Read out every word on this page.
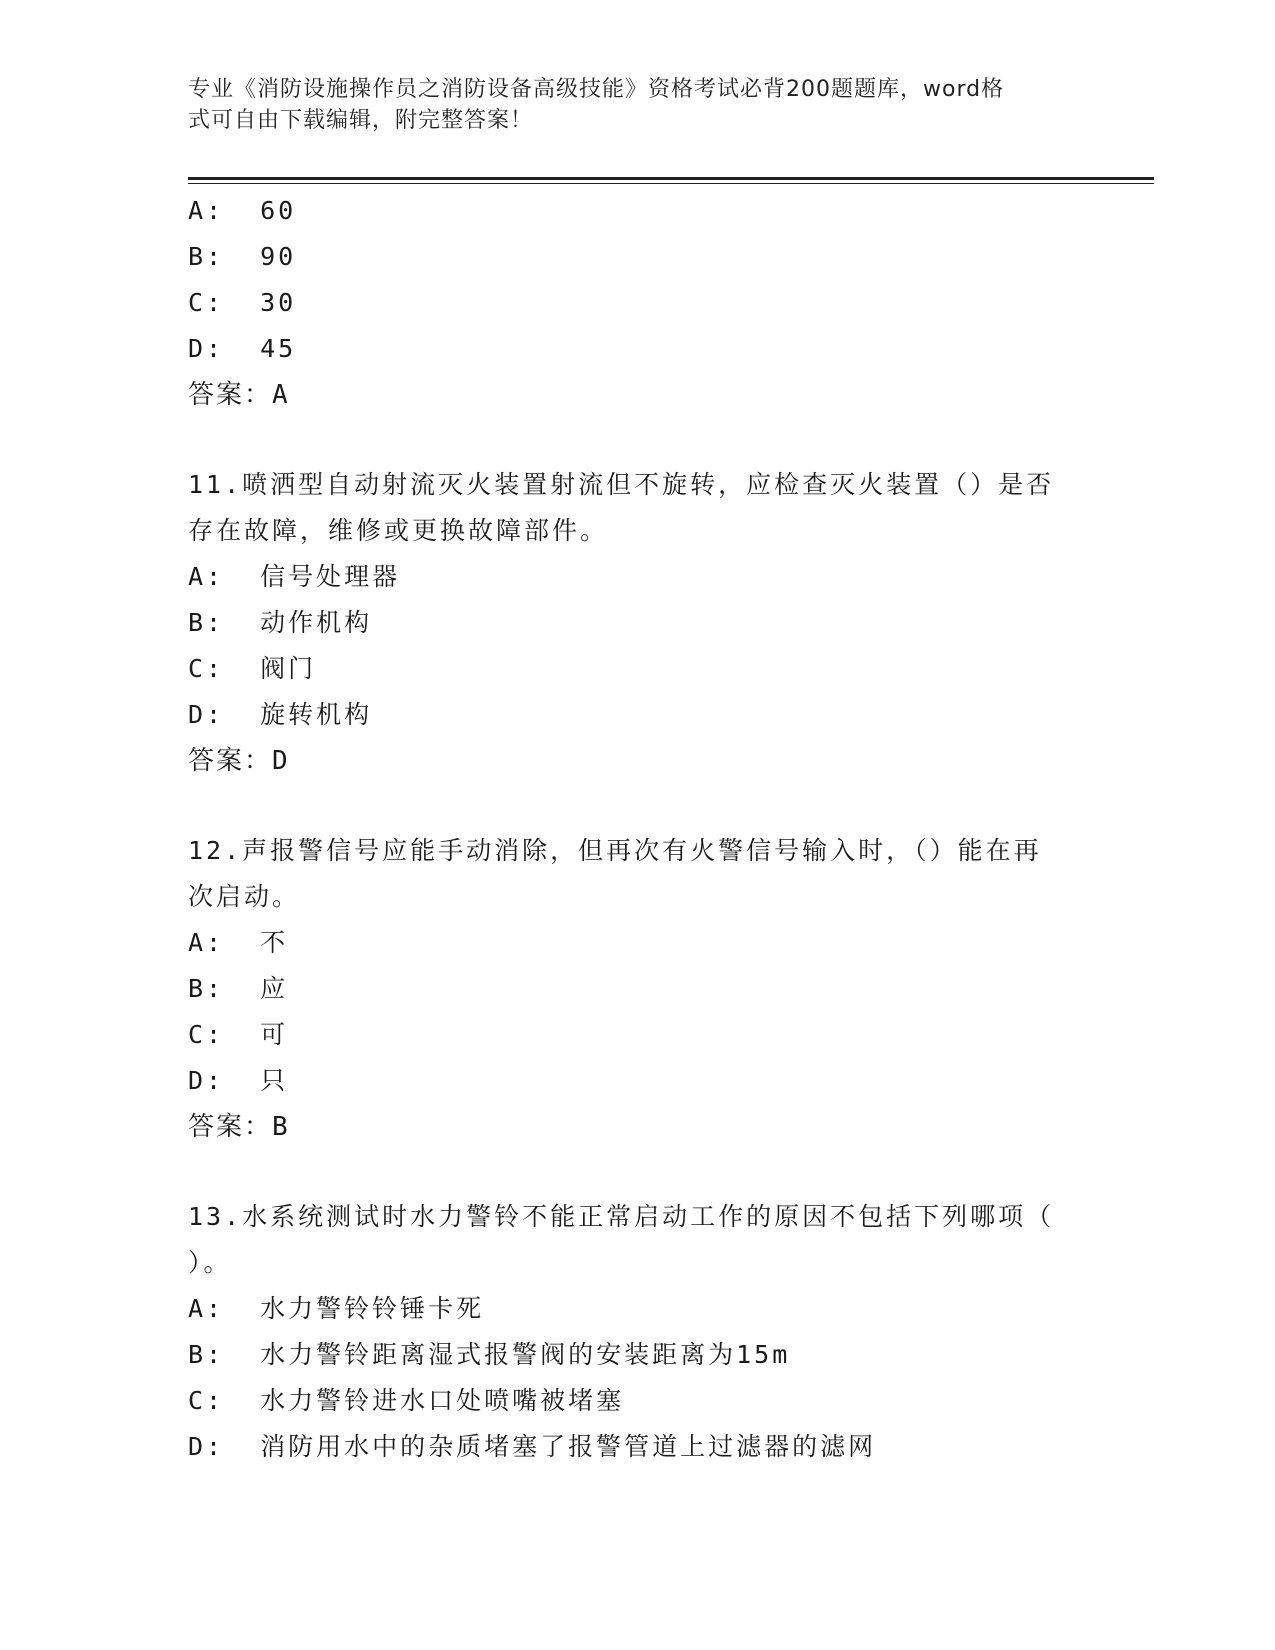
专业《消防设施操作员之消防设备高级技能》资格考试必背200题题库，word格
式可自由下载编辑，附完整答案！
A: 60
B: 90
C: 30
D: 45
答案：A
11.喷洒型自动射流灭火装置射流但不旋转，应检查灭火装置（）是否
存在故障，维修或更换故障部件。
A: 信号处理器
B: 动作机构
C: 阀门
D: 旋转机构
答案：D
12.声报警信号应能手动消除，但再次有火警信号输入时，（）能在再
次启动。
A: 不
B: 应
C: 可
D: 只
答案：B
13.水系统测试时水力警铃不能正常启动工作的原因不包括下列哪项（
）。
A: 水力警铃铃锤卡死
B: 水力警铃距离湿式报警阀的安装距离为15m
C: 水力警铃进水口处喷嘴被堵塞
D: 消防用水中的杂质堵塞了报警管道上过滤器的滤网
